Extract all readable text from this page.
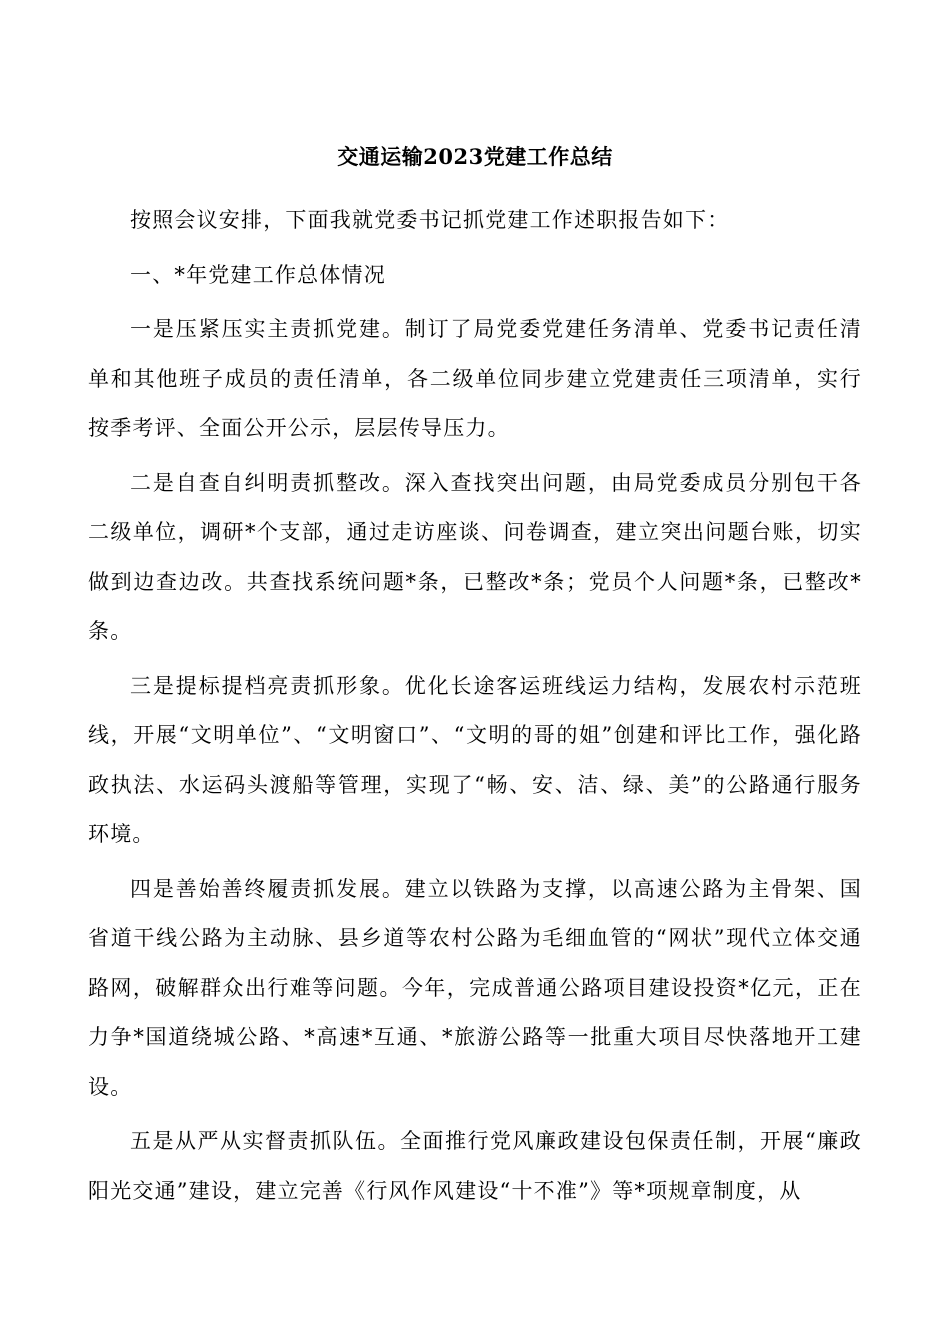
交通运输2023党建工作总结

按照会议安排，下面我就党委书记抓党建工作述职报告如下：

一、*年党建工作总体情况

一是压紧压实主责抓党建。制订了局党委党建任务清单、党委书记责任清单和其他班子成员的责任清单，各二级单位同步建立党建责任三项清单，实行按季考评、全面公开公示，层层传导压力。

二是自查自纠明责抓整改。深入查找突出问题，由局党委成员分别包干各二级单位，调研*个支部，通过走访座谈、问卷调查，建立突出问题台账，切实做到边查边改。共查找系统问题*条，已整改*条；党员个人问题*条，已整改*条。

三是提标提档亮责抓形象。优化长途客运班线运力结构，发展农村示范班线，开展“文明单位”、“文明窗口”、“文明的哥的姐”创建和评比工作，强化路政执法、水运码头渡船等管理，实现了“畅、安、洁、绿、美”的公路通行服务环境。

四是善始善终履责抓发展。建立以铁路为支撑，以高速公路为主骨架、国省道干线公路为主动脉、县乡道等农村公路为毛细血管的“网状”现代立体交通路网，破解群众出行难等问题。今年，完成普通公路项目建设投资*亿元，正在力争*国道绕城公路、*高速*互通、*旅游公路等一批重大项目尽快落地开工建设。

五是从严从实督责抓队伍。全面推行党风廉政建设包保责任制，开展“廉政阳光交通”建设，建立完善《行风作风建设“十不准”》等*项规章制度，从
